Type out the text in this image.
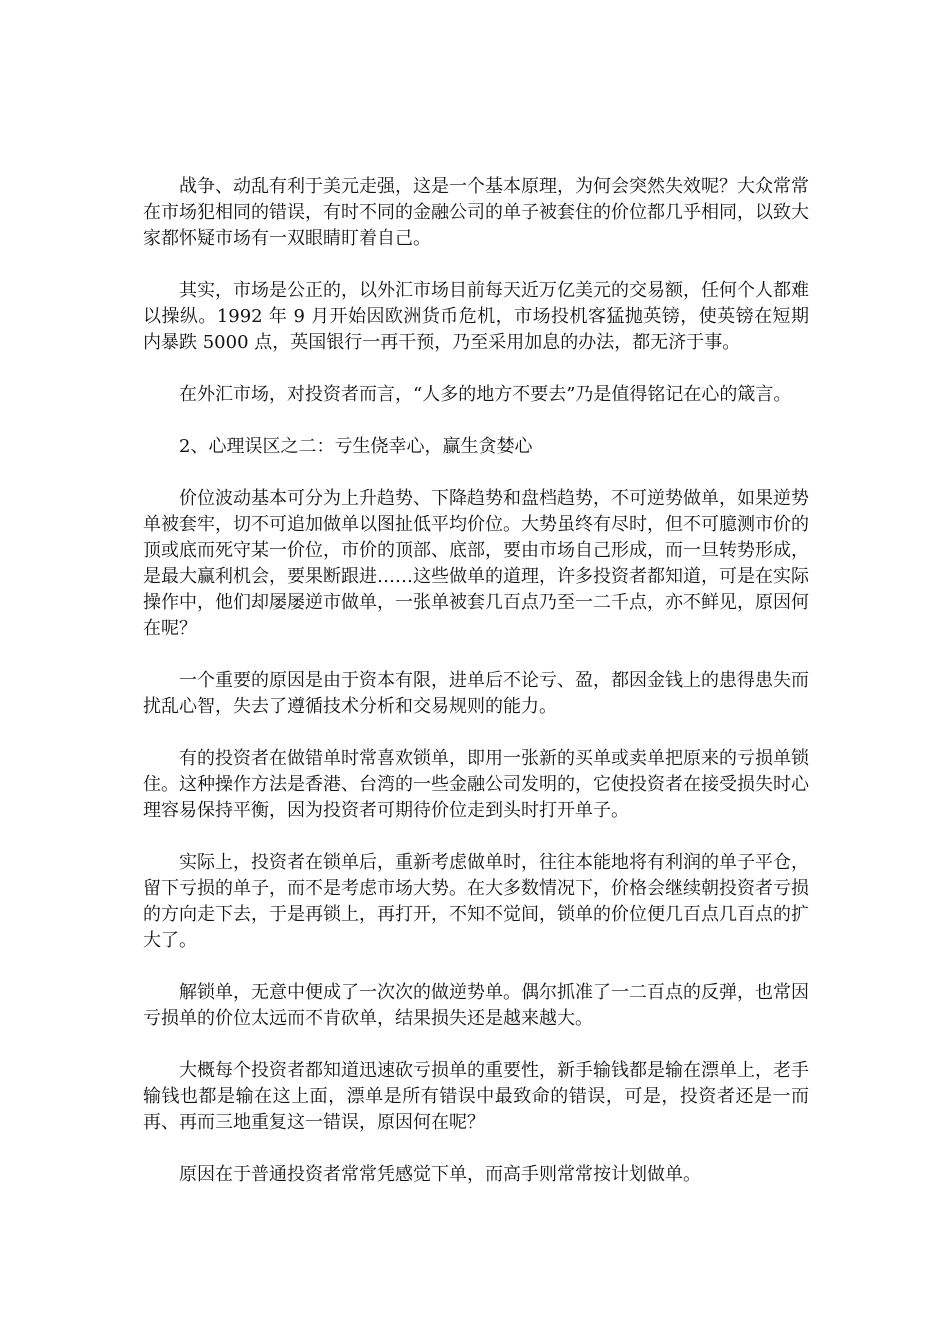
战争、动乱有利于美元走强，这是一个基本原理，为何会突然失效呢？大众常常在市场犯相同的错误，有时不同的金融公司的单子被套住的价位都几乎相同，以致大家都怀疑市场有一双眼睛盯着自己。

其实，市场是公正的，以外汇市场目前每天近万亿美元的交易额，任何个人都难以操纵。1992 年 9 月开始因欧洲货币危机，市场投机客猛抛英镑，使英镑在短期内暴跌 5000 点，英国银行一再干预，乃至采用加息的办法，都无济于事。

在外汇市场，对投资者而言，“人多的地方不要去”乃是值得铭记在心的箴言。

2、心理误区之二：亏生侥幸心，赢生贪婪心

价位波动基本可分为上升趋势、下降趋势和盘档趋势，不可逆势做单，如果逆势单被套牢，切不可追加做单以图扯低平均价位。大势虽终有尽时，但不可臆测市价的顶或底而死守某一价位，市价的顶部、底部，要由市场自己形成，而一旦转势形成，是最大赢利机会，要果断跟进……这些做单的道理，许多投资者都知道，可是在实际操作中，他们却屡屡逆市做单，一张单被套几百点乃至一二千点，亦不鲜见，原因何在呢？

一个重要的原因是由于资本有限，进单后不论亏、盈，都因金钱上的患得患失而扰乱心智，失去了遵循技术分析和交易规则的能力。

有的投资者在做错单时常喜欢锁单，即用一张新的买单或卖单把原来的亏损单锁住。这种操作方法是香港、台湾的一些金融公司发明的，它使投资者在接受损失时心理容易保持平衡，因为投资者可期待价位走到头时打开单子。

实际上，投资者在锁单后，重新考虑做单时，往往本能地将有利润的单子平仓，留下亏损的单子，而不是考虑市场大势。在大多数情况下，价格会继续朝投资者亏损的方向走下去，于是再锁上，再打开，不知不觉间，锁单的价位便几百点几百点的扩大了。

解锁单，无意中便成了一次次的做逆势单。偶尔抓准了一二百点的反弹，也常因亏损单的价位太远而不肯砍单，结果损失还是越来越大。

大概每个投资者都知道迅速砍亏损单的重要性，新手输钱都是输在漂单上，老手输钱也都是输在这上面，漂单是所有错误中最致命的错误，可是，投资者还是一而再、再而三地重复这一错误，原因何在呢？

原因在于普通投资者常常凭感觉下单，而高手则常常按计划做单。
